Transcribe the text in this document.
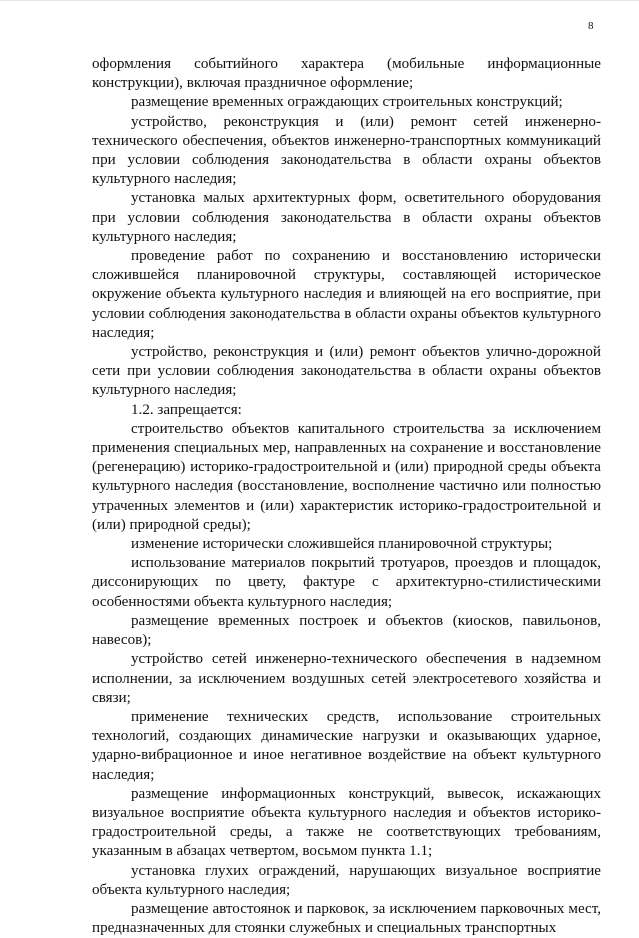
8

оформления событийного характера (мобильные информационные конструкции), включая праздничное оформление;

размещение временных ограждающих строительных конструкций;

устройство, реконструкция и (или) ремонт сетей инженерно-технического обеспечения, объектов инженерно-транспортных коммуникаций при условии соблюдения законодательства в области охраны объектов культурного наследия;

установка малых архитектурных форм, осветительного оборудования при условии соблюдения законодательства в области охраны объектов культурного наследия;

проведение работ по сохранению и восстановлению исторически сложившейся планировочной структуры, составляющей историческое окружение объекта культурного наследия и влияющей на его восприятие, при условии соблюдения законодательства в области охраны объектов культурного наследия;

устройство, реконструкция и (или) ремонт объектов улично-дорожной сети при условии соблюдения законодательства в области охраны объектов культурного наследия;

1.2. запрещается:

строительство объектов капитального строительства за исключением применения специальных мер, направленных на сохранение и восстановление (регенерацию) историко-градостроительной и (или) природной среды объекта культурного наследия (восстановление, восполнение частично или полностью утраченных элементов и (или) характеристик историко-градостроительной и (или) природной среды);

изменение исторически сложившейся планировочной структуры;

использование материалов покрытий тротуаров, проездов и площадок, диссонирующих по цвету, фактуре с архитектурно-стилистическими особенностями объекта культурного наследия;

размещение временных построек и объектов (киосков, павильонов, навесов);

устройство сетей инженерно-технического обеспечения в надземном исполнении, за исключением воздушных сетей электросетевого хозяйства и связи;

применение технических средств, использование строительных технологий, создающих динамические нагрузки и оказывающих ударное, ударно-вибрационное и иное негативное воздействие на объект культурного наследия;

размещение информационных конструкций, вывесок, искажающих визуальное восприятие объекта культурного наследия и объектов историко-градостроительной среды, а также не соответствующих требованиям, указанным в абзацах четвертом, восьмом пункта 1.1;

установка глухих ограждений, нарушающих визуальное восприятие объекта культурного наследия;

размещение автостоянок и парковок, за исключением парковочных мест, предназначенных для стоянки служебных и специальных транспортных
